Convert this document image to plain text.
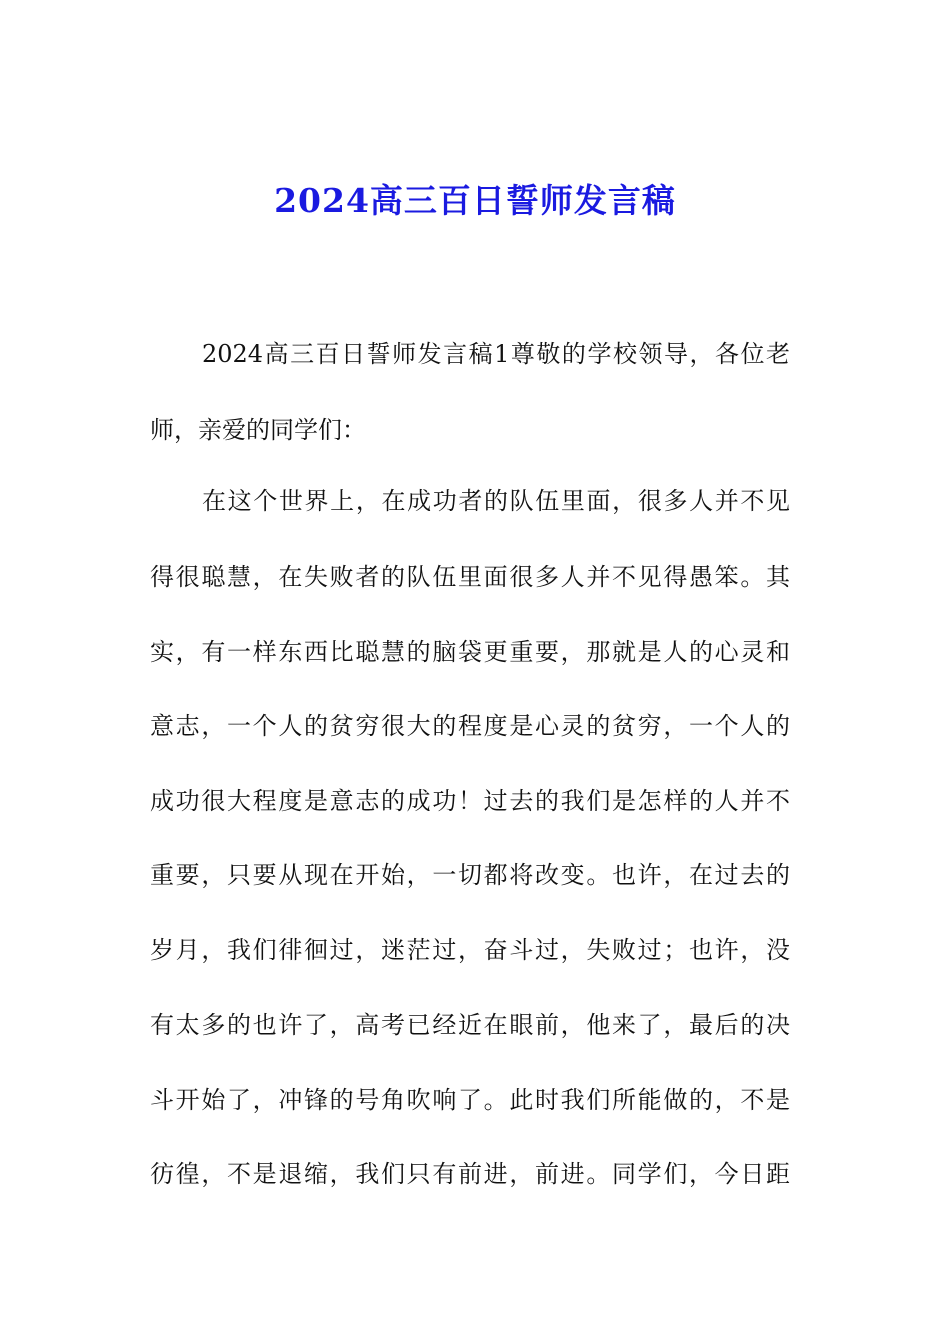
2024高三百日誓师发言稿
2024高三百日誓师发言稿1尊敬的学校领导，各位老
师，亲爱的同学们：
在这个世界上，在成功者的队伍里面，很多人并不见
得很聪慧，在失败者的队伍里面很多人并不见得愚笨。其
实，有一样东西比聪慧的脑袋更重要，那就是人的心灵和
意志，一个人的贫穷很大的程度是心灵的贫穷，一个人的
成功很大程度是意志的成功！过去的我们是怎样的人并不
重要，只要从现在开始，一切都将改变。也许，在过去的
岁月，我们徘徊过，迷茫过，奋斗过，失败过；也许，没
有太多的也许了，高考已经近在眼前，他来了，最后的决
斗开始了，冲锋的号角吹响了。此时我们所能做的，不是
彷徨，不是退缩，我们只有前进，前进。同学们，今日距
